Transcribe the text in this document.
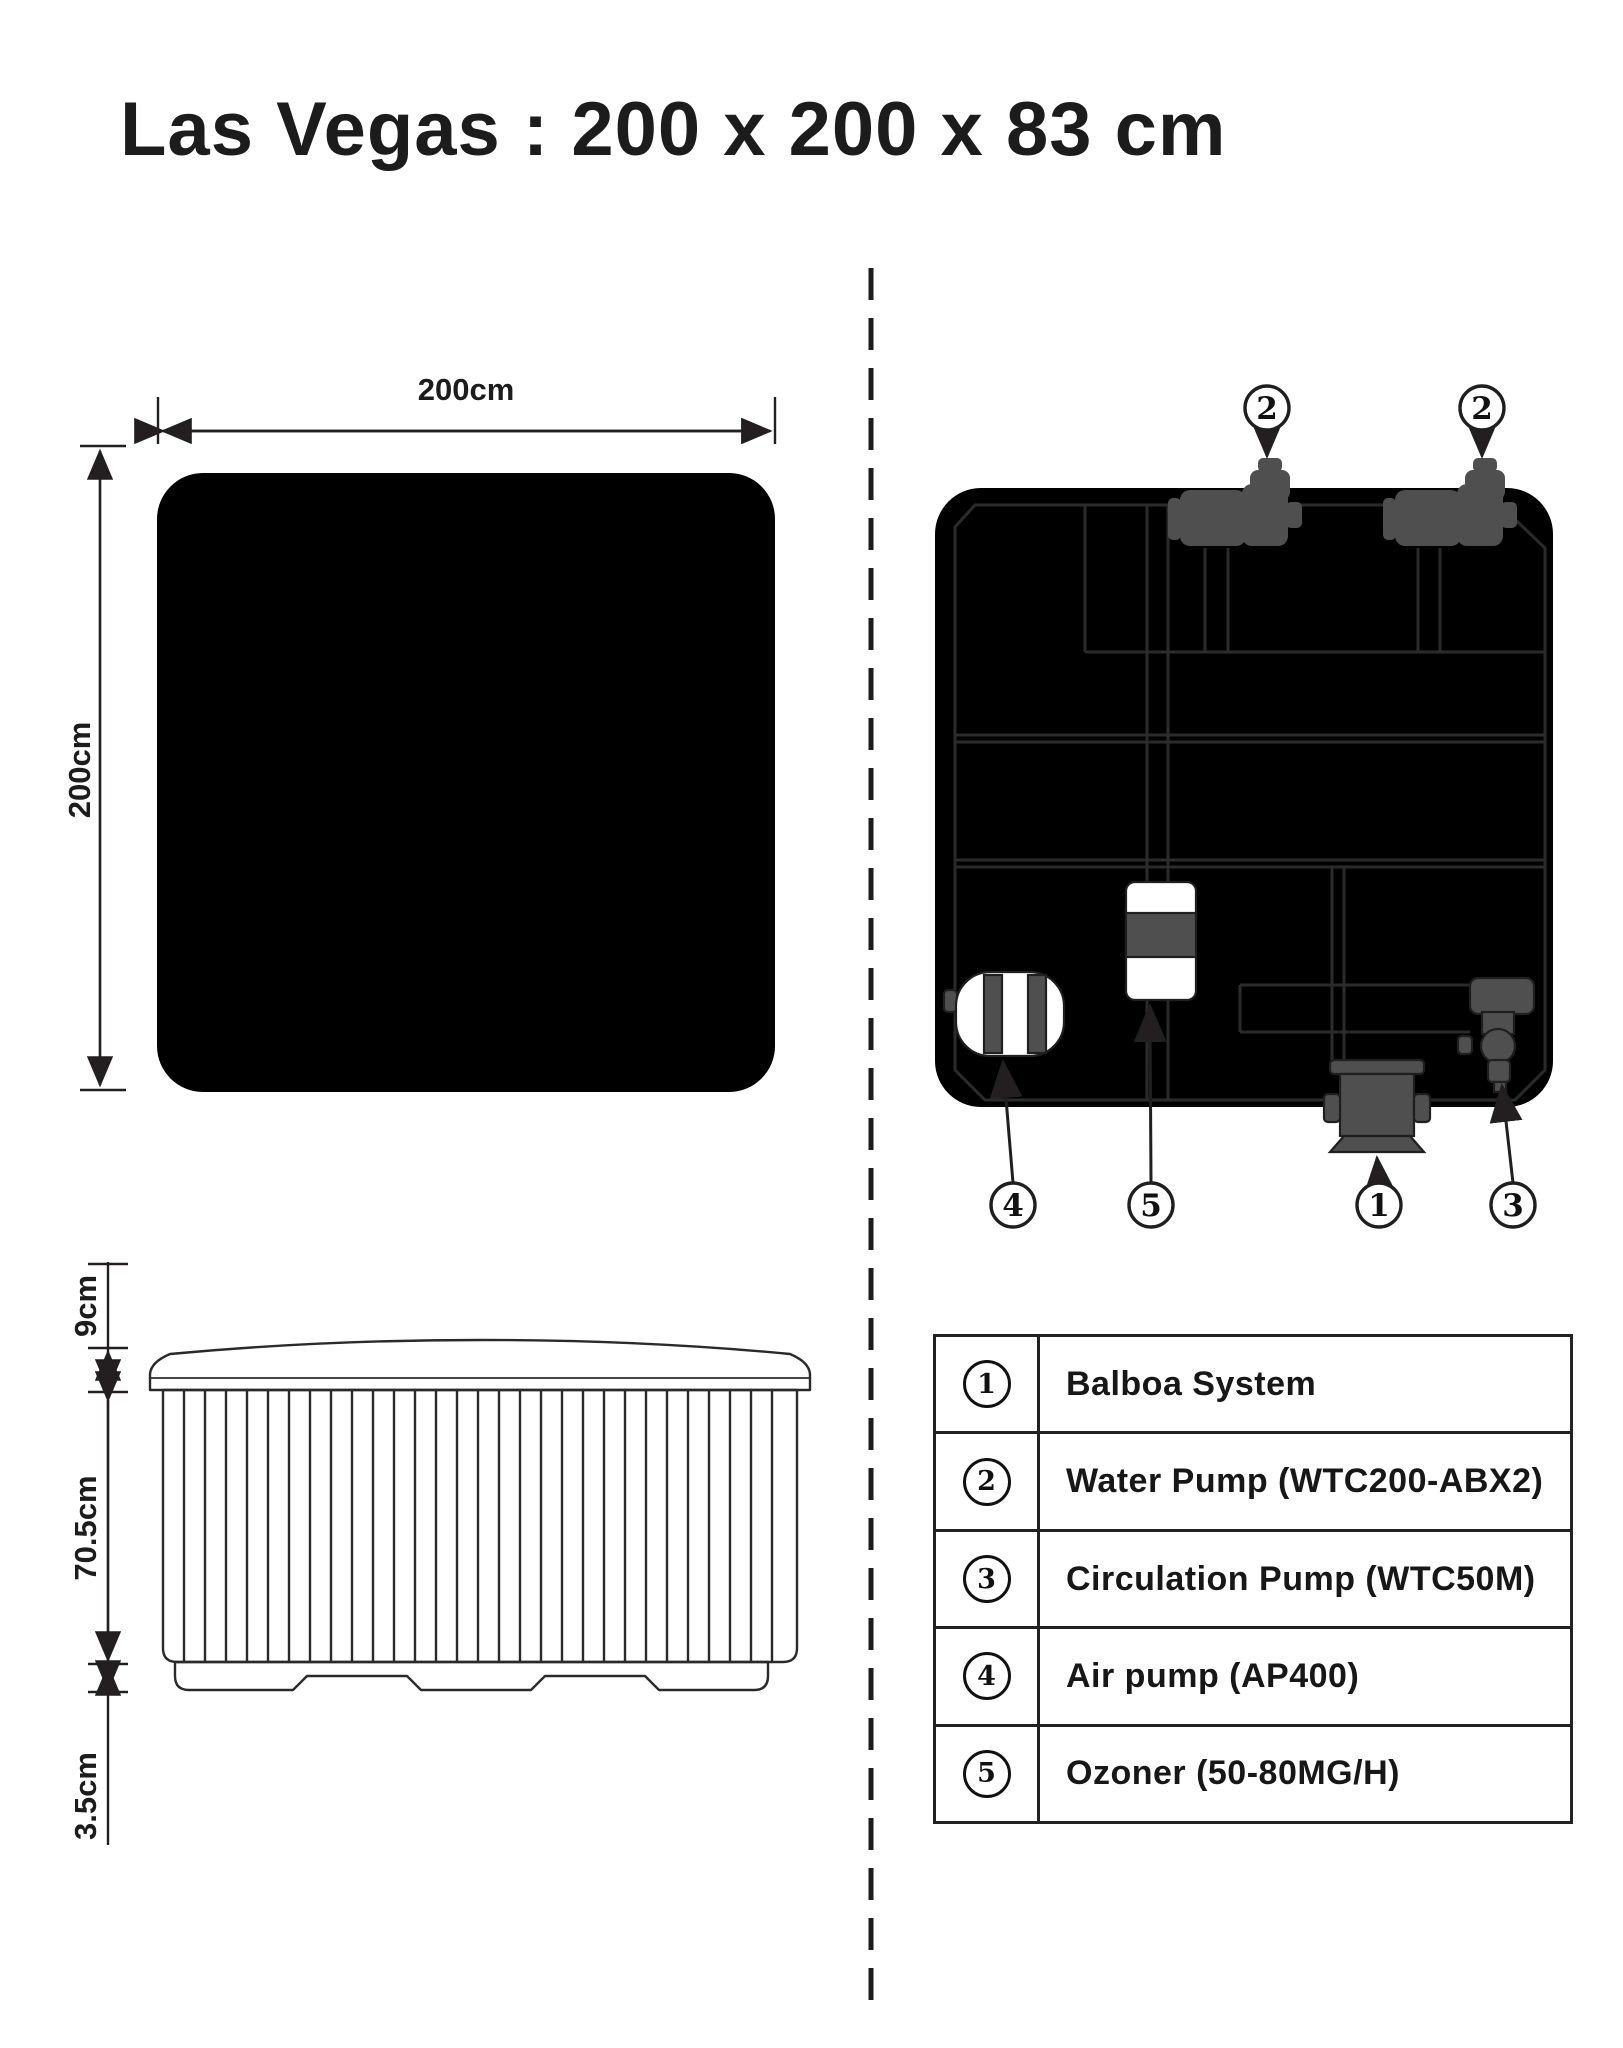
Las Vegas : 200 x 200 x 83 cm
200cm
200cm
2	2
4	5	1	3
9cm
70.5cm
3.5cm
1	Balboa System
2	Water Pump (WTC200-ABX2)
3	Circulation Pump (WTC50M)
4	Air pump (AP400)
5	Ozoner (50-80MG/H)
